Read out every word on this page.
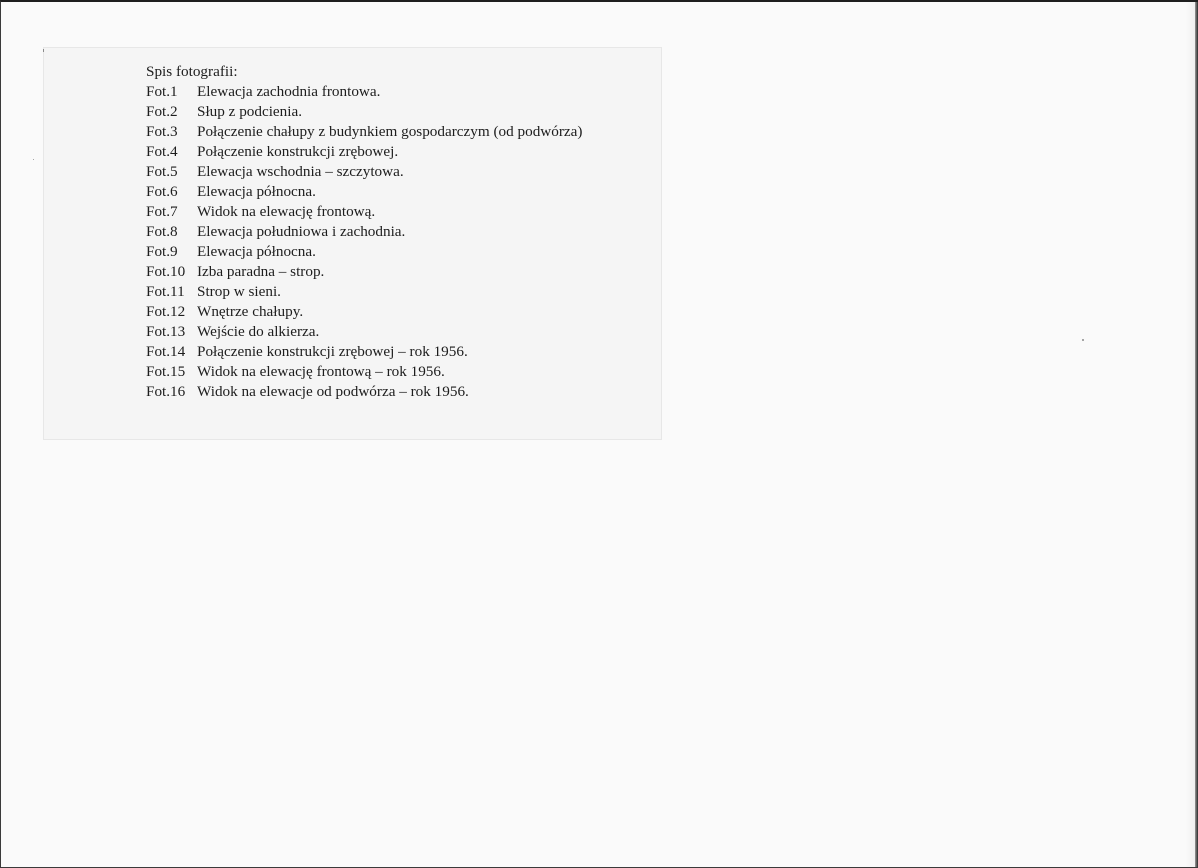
Spis fotografii:
Fot.1 Elewacja zachodnia frontowa.
Fot.2 Słup z podcienia.
Fot.3 Połączenie chałupy z budynkiem gospodarczym (od podwórza)
Fot.4 Połączenie konstrukcji zrębowej.
Fot.5 Elewacja wschodnia – szczytowa.
Fot.6 Elewacja północna.
Fot.7 Widok na elewację frontową.
Fot.8 Elewacja południowa i zachodnia.
Fot.9 Elewacja północna.
Fot.10 Izba paradna – strop.
Fot.11 Strop w sieni.
Fot.12 Wnętrze chałupy.
Fot.13 Wejście do alkierza.
Fot.14 Połączenie konstrukcji zrębowej – rok 1956.
Fot.15 Widok na elewację frontową – rok 1956.
Fot.16 Widok na elewacje od podwórza – rok 1956.
